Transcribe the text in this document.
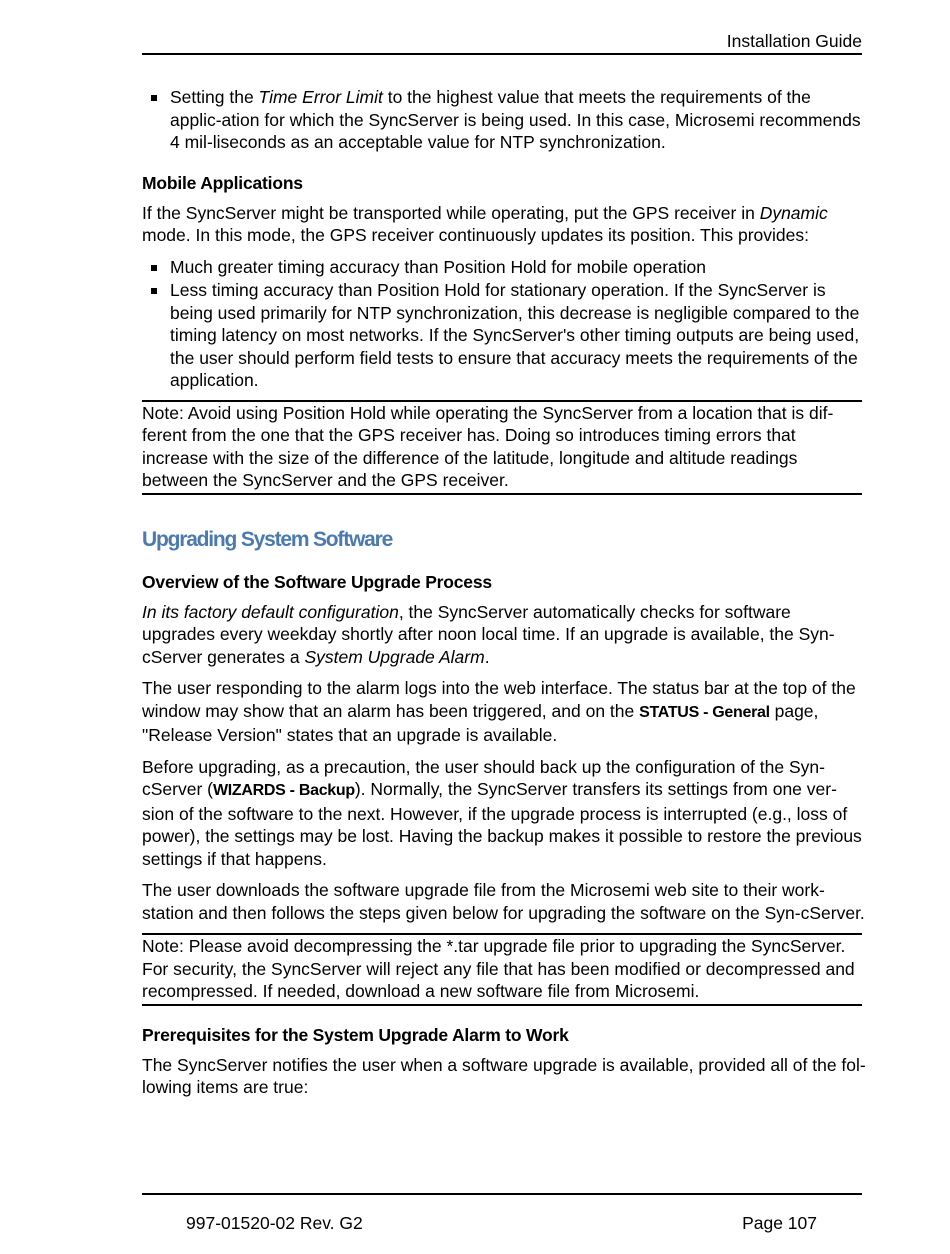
Installation Guide
Setting the Time Error Limit to the highest value that meets the requirements of the applic-ation for which the SyncServer is being used. In this case, Microsemi recommends 4 mil-liseconds as an acceptable value for NTP synchronization.
Mobile Applications

If the SyncServer might be transported while operating, put the GPS receiver in Dynamic mode. In this mode, the GPS receiver continuously updates its position. This provides:

Much greater timing accuracy than Position Hold for mobile operation
Less timing accuracy than Position Hold for stationary operation. If the SyncServer is being used primarily for NTP synchronization, this decrease is negligible compared to the timing latency on most networks. If the SyncServer's other timing outputs are being used, the user should perform field tests to ensure that accuracy meets the requirements of the application.
Note: Avoid using Position Hold while operating the SyncServer from a location that is dif-ferent from the one that the GPS receiver has. Doing so introduces timing errors that increase with the size of the difference of the latitude, longitude and altitude readings between the SyncServer and the GPS receiver.
Upgrading System Software
Overview of the Software Upgrade Process

In its factory default configuration, the SyncServer automatically checks for software upgrades every weekday shortly after noon local time. If an upgrade is available, the Syn-cServer generates a System Upgrade Alarm.

The user responding to the alarm logs into the web interface. The status bar at the top of the window may show that an alarm has been triggered, and on the STATUS - General page, "Release Version" states that an upgrade is available.

Before upgrading, as a precaution, the user should back up the configuration of the Syn-cServer (WIZARDS - Backup). Normally, the SyncServer transfers its settings from one ver-sion of the software to the next. However, if the upgrade process is interrupted (e.g., loss of power), the settings may be lost. Having the backup makes it possible to restore the previous settings if that happens.

The user downloads the software upgrade file from the Microsemi web site to their work-station and then follows the steps given below for upgrading the software on the Syn-cServer.

Note: Please avoid decompressing the *.tar upgrade file prior to upgrading the SyncServer. For security, the SyncServer will reject any file that has been modified or decompressed and recompressed. If needed, download a new software file from Microsemi.
Prerequisites for the System Upgrade Alarm to Work

The SyncServer notifies the user when a software upgrade is available, provided all of the fol-lowing items are true:

997-01520-02 Rev. G2	Page 107
